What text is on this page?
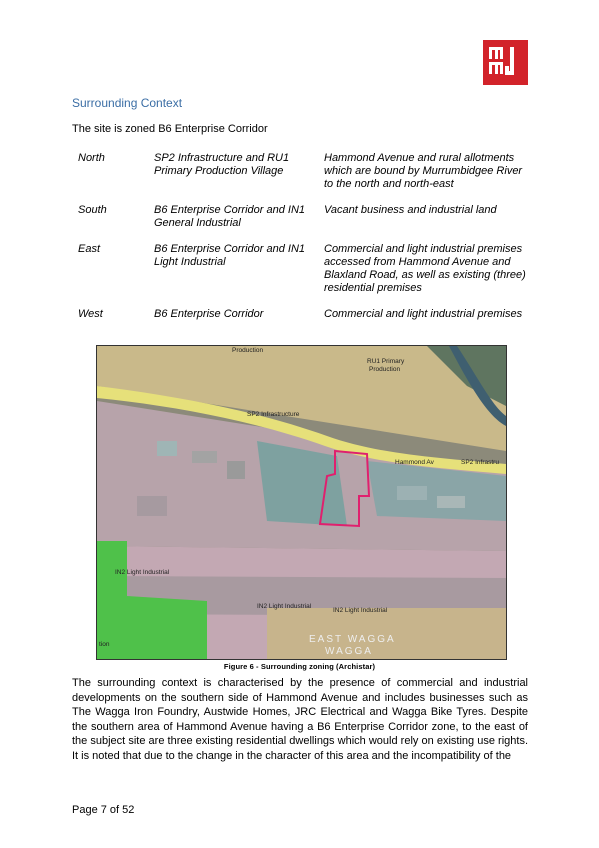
Surrounding Context
The site is zoned B6 Enterprise Corridor
North	SP2 Infrastructure and RU1 Primary Production Village	Hammond Avenue and rural allotments which are bound by Murrumbidgee River to the north and north-east
South	B6 Enterprise Corridor and IN1 General Industrial	Vacant business and industrial land
East	B6 Enterprise Corridor and IN1 Light Industrial	Commercial and light industrial premises accessed from Hammond Avenue and Blaxland Road, as well as existing (three) residential premises
West	B6 Enterprise Corridor	Commercial and light industrial premises
Production
RU1 Primary
Production
SP2 Infrastructure
Hammond Av	SP2 Infrastru
IN2 Light Industrial
IN2 Light Industrial
IN2 Light Industrial
EAST WAGGA
WAGGA
tion
Figure 6 - Surrounding zoning (Archistar)
The surrounding context is characterised by the presence of commercial and industrial developments on the southern side of Hammond Avenue and includes businesses such as The Wagga Iron Foundry, Austwide Homes, JRC Electrical and Wagga Bike Tyres. Despite the southern area of Hammond Avenue having a B6 Enterprise Corridor zone, to the east of the subject site are three existing residential dwellings which would rely on existing use rights. It is noted that due to the change in the character of this area and the incompatibility of the
Page 7 of 52
